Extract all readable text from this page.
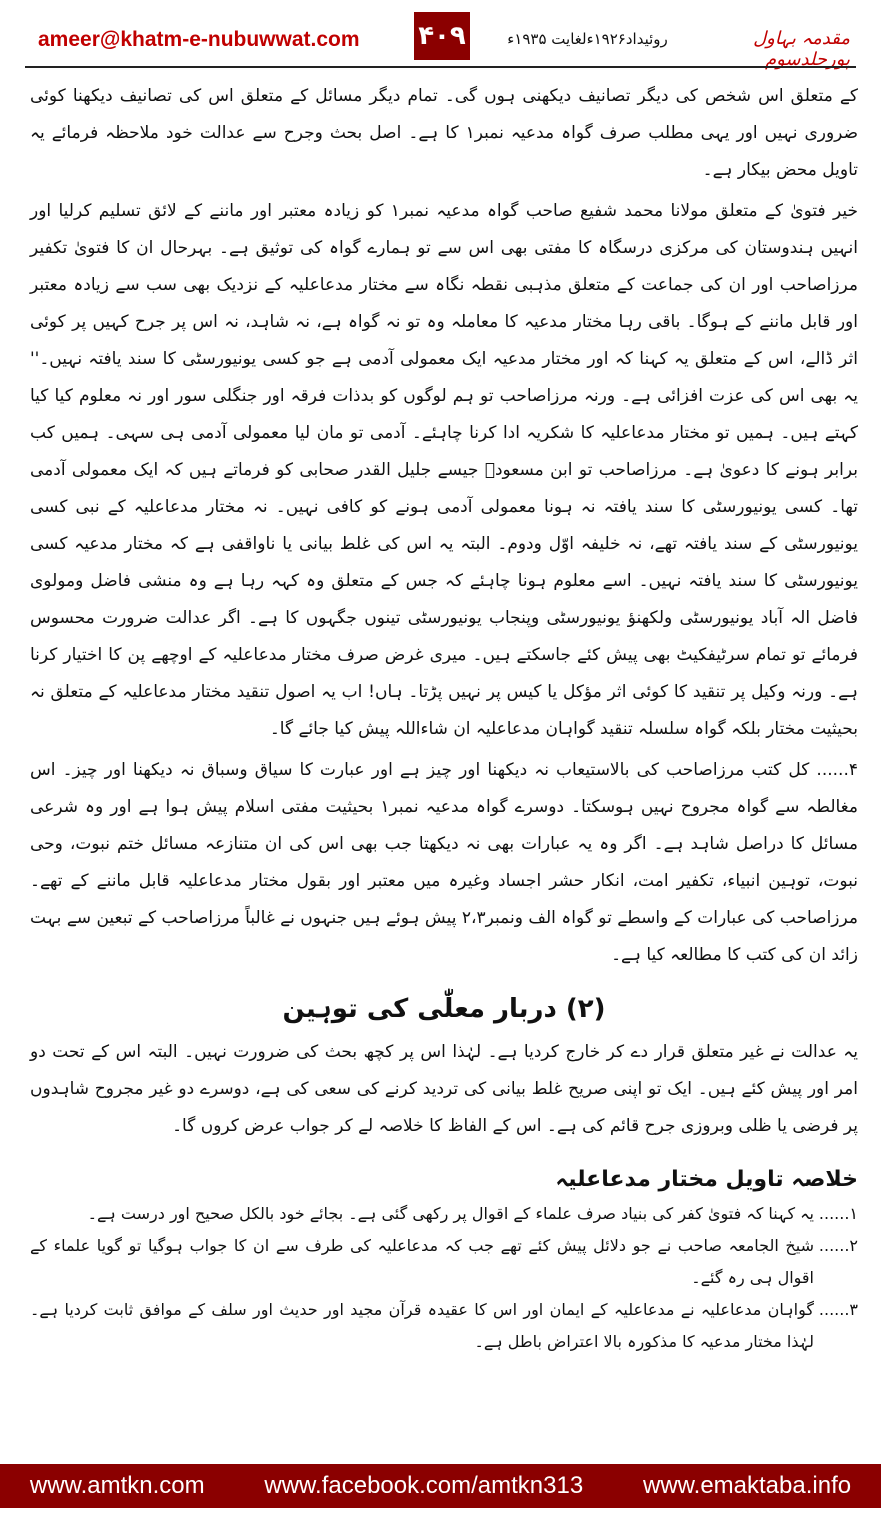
ameer@khatm-e-nubuwwat.com ۴۰۹	روئیداد۱۹۲۶ءلغایت ۱۹۳۵ء	مقدمہ بہاول پورجلدسوم

کے متعلق اس شخص کی دیگر تصانیف دیکھنی ہوں گی۔ تمام دیگر مسائل کے متعلق اس کی تصانیف دیکھنا کوئی ضروری نہیں اور یہی مطلب صرف گواہ مدعیہ نمبر۱ کا ہے۔ اصل بحث وجرح سے عدالت خود ملاحظہ فرمائے یہ تاویل محض بیکار ہے۔

خیر فتویٰ کے متعلق مولانا محمد شفیع صاحب گواہ مدعیہ نمبر۱ کو زیادہ معتبر اور ماننے کے لائق تسلیم کرلیا اور انہیں ہندوستان کی مرکزی درسگاہ کا مفتی بھی اس سے تو ہمارے گواہ کی توثیق ہے۔ بہرحال ان کا فتویٰ تکفیر مرزاصاحب اور ان کی جماعت کے متعلق مذہبی نقطہ نگاہ سے مختار مدعاعلیہ کے نزدیک بھی سب سے زیادہ معتبر اور قابل ماننے کے ہوگا۔ باقی رہا مختار مدعیہ کا معاملہ وہ تو نہ گواہ ہے، نہ شاہد، نہ اس پر جرح کہیں پر کوئی اثر ڈالے، اس کے متعلق یہ کہنا کہ اور مختار مدعیہ ایک معمولی آدمی ہے جو کسی یونیورسٹی کا سند یافتہ نہیں۔'' یہ بھی اس کی عزت افزائی ہے۔ ورنہ مرزاصاحب تو ہم لوگوں کو بدذات فرقہ اور جنگلی سور اور نہ معلوم کیا کیا کہتے ہیں۔ ہمیں تو مختار مدعاعلیہ کا شکریہ ادا کرنا چاہئے۔ آدمی تو مان لیا معمولی آدمی ہی سہی۔ ہمیں کب برابر ہونے کا دعویٰ ہے۔ مرزاصاحب تو ابن مسعودؓ جیسے جلیل القدر صحابی کو فرماتے ہیں کہ ایک معمولی آدمی تھا۔ کسی یونیورسٹی کا سند یافتہ نہ ہونا معمولی آدمی ہونے کو کافی نہیں۔ نہ مختار مدعاعلیہ کے نبی کسی یونیورسٹی کے سند یافتہ تھے، نہ خلیفہ اوّل ودوم۔ البتہ یہ اس کی غلط بیانی یا ناواقفی ہے کہ مختار مدعیہ کسی یونیورسٹی کا سند یافتہ نہیں۔ اسے معلوم ہونا چاہئے کہ جس کے متعلق وہ کہہ رہا ہے وہ منشی فاضل ومولوی فاضل الہ آباد یونیورسٹی ولکھنؤ یونیورسٹی وپنجاب یونیورسٹی تینوں جگہوں کا ہے۔ اگر عدالت ضرورت محسوس فرمائے تو تمام سرٹیفکیٹ بھی پیش کئے جاسکتے ہیں۔ میری غرض صرف مختار مدعاعلیہ کے اوچھے پن کا اختیار کرنا ہے۔ ورنہ وکیل پر تنقید کا کوئی اثر مؤکل یا کیس پر نہیں پڑتا۔ ہاں! اب یہ اصول تنقید مختار مدعاعلیہ کے متعلق نہ بحیثیت مختار بلکہ گواہ سلسلہ تنقید گواہان مدعاعلیہ ان شاءاللہ پیش کیا جائے گا۔

۴...... کل کتب مرزاصاحب کی بالاستیعاب نہ دیکھنا اور چیز ہے اور عبارت کا سیاق وسباق نہ دیکھنا اور چیز۔ اس مغالطہ سے گواہ مجروح نہیں ہوسکتا۔ دوسرے گواہ مدعیہ نمبر۱ بحیثیت مفتی اسلام پیش ہوا ہے اور وہ شرعی مسائل کا دراصل شاہد ہے۔ اگر وہ یہ عبارات بھی نہ دیکھتا جب بھی اس کی ان متنازعہ مسائل ختم نبوت، وحی نبوت، توہین انبیاء، تکفیر امت، انکار حشر اجساد وغیرہ میں معتبر اور بقول مختار مدعاعلیہ قابل ماننے کے تھے۔ مرزاصاحب کی عبارات کے واسطے تو گواہ الف ونمبر۲،۳ پیش ہوئے ہیں جنہوں نے غالباً مرزاصاحب کے تبعین سے بہت زائد ان کی کتب کا مطالعہ کیا ہے۔

(۲) دربار معلّٰی کی توہین

یہ عدالت نے غیر متعلق قرار دے کر خارج کردیا ہے۔ لہٰذا اس پر کچھ بحث کی ضرورت نہیں۔ البتہ اس کے تحت دو امر اور پیش کئے ہیں۔ ایک تو اپنی صریح غلط بیانی کی تردید کرنے کی سعی کی ہے، دوسرے دو غیر مجروح شاہدوں پر فرضی یا ظلی وبروزی جرح قائم کی ہے۔ اس کے الفاظ کا خلاصہ لے کر جواب عرض کروں گا۔

خلاصہ تاویل مختار مدعاعلیہ
۱......
یہ کہنا کہ فتویٰ کفر کی بنیاد صرف علماء کے اقوال پر رکھی گئی ہے۔ بجائے خود بالکل صحیح اور درست ہے۔
۲......
شیخ الجامعہ صاحب نے جو دلائل پیش کئے تھے جب کہ مدعاعلیہ کی طرف سے ان کا جواب ہوگیا تو گویا علماء کے اقوال ہی رہ گئے۔
۳......
گواہان مدعاعلیہ نے مدعاعلیہ کے ایمان اور اس کا عقیدہ قرآن مجید اور حدیث اور سلف کے موافق ثابت کردیا ہے۔ لہٰذا مختار مدعیہ کا مذکورہ بالا اعتراض باطل ہے۔
www.amtkn.com www.facebook.com/amtkn313 www.emaktaba.info
